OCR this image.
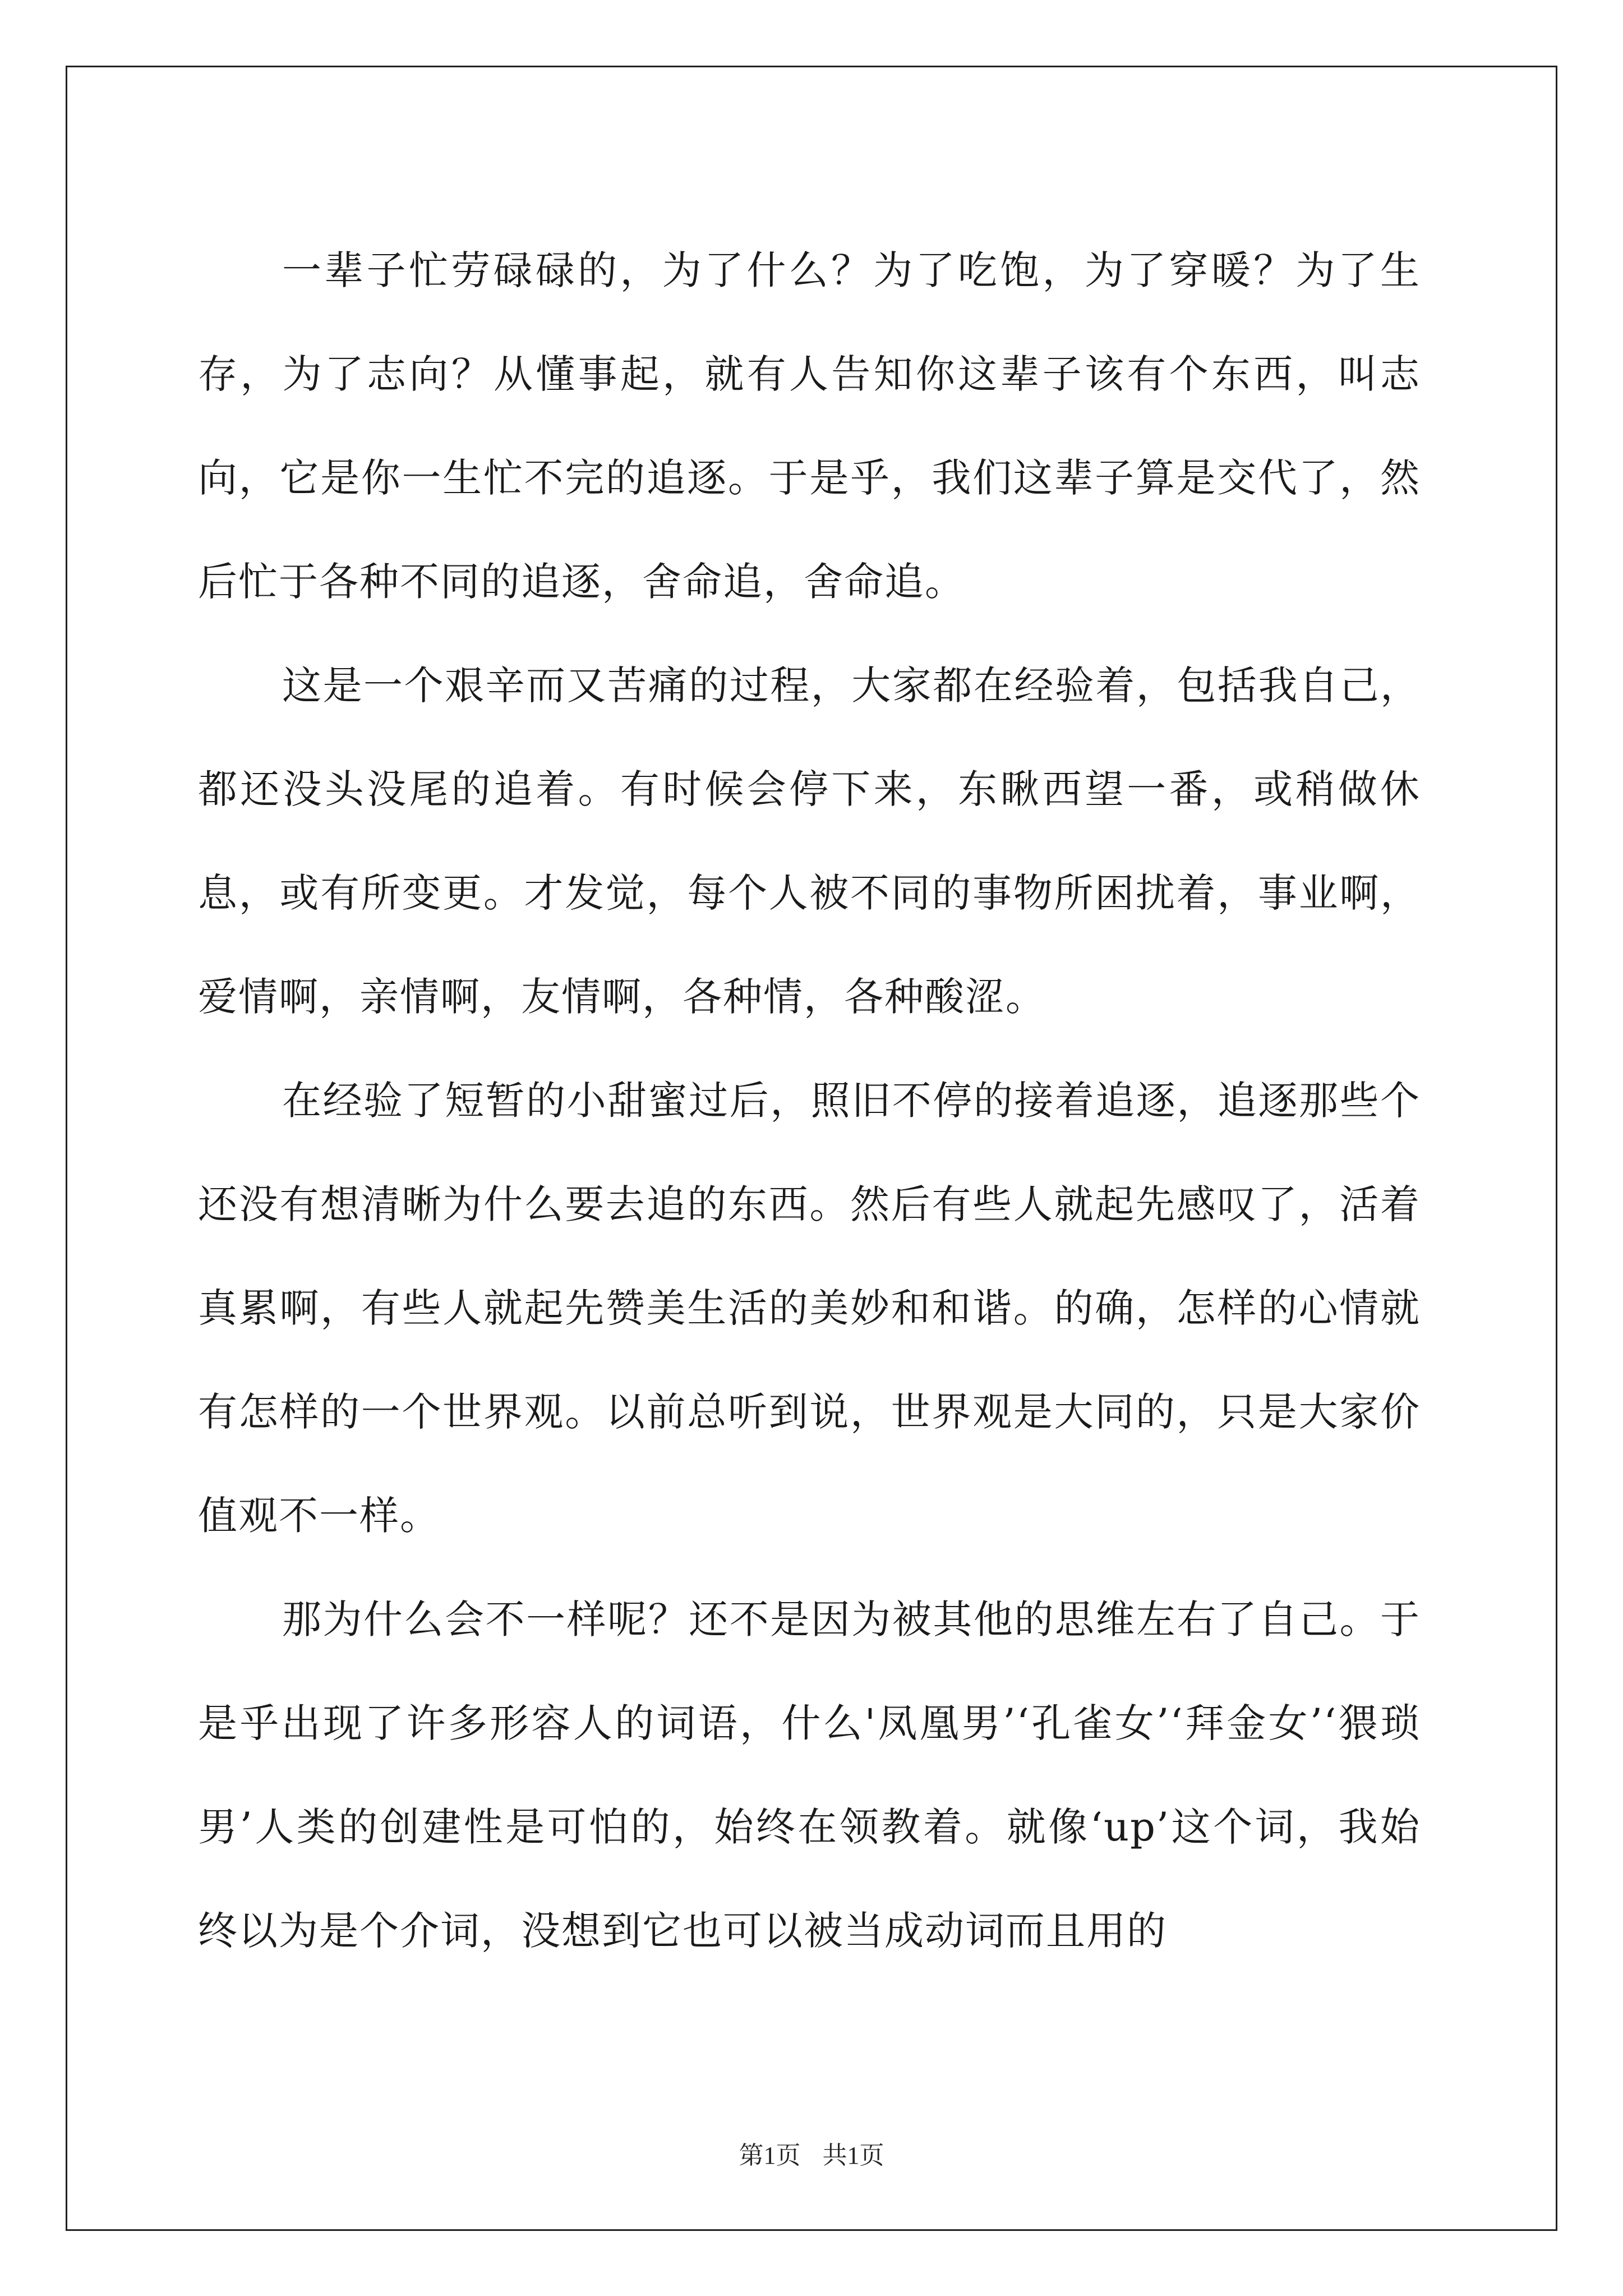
一辈子忙劳碌碌的，为了什么？为了吃饱，为了穿暖？为了生存，为了志向？从懂事起，就有人告知你这辈子该有个东西，叫志向，它是你一生忙不完的追逐。于是乎，我们这辈子算是交代了，然后忙于各种不同的追逐，舍命追，舍命追。

这是一个艰辛而又苦痛的过程，大家都在经验着，包括我自己，都还没头没尾的追着。有时候会停下来，东瞅西望一番，或稍做休息，或有所变更。才发觉，每个人被不同的事物所困扰着，事业啊，爱情啊，亲情啊，友情啊，各种情，各种酸涩。

在经验了短暂的小甜蜜过后，照旧不停的接着追逐，追逐那些个还没有想清晰为什么要去追的东西。然后有些人就起先感叹了，活着真累啊，有些人就起先赞美生活的美妙和和谐。的确，怎样的心情就有怎样的一个世界观。以前总听到说，世界观是大同的，只是大家价值观不一样。

那为什么会不一样呢？还不是因为被其他的思维左右了自己。于是乎出现了许多形容人的词语，什么'凤凰男’‘孔雀女’‘拜金女’‘猥琐男’人类的创建性是可怕的，始终在领教着。就像‘up’这个词，我始终以为是个介词，没想到它也可以被当成动词而且用的

第1页 共1页
